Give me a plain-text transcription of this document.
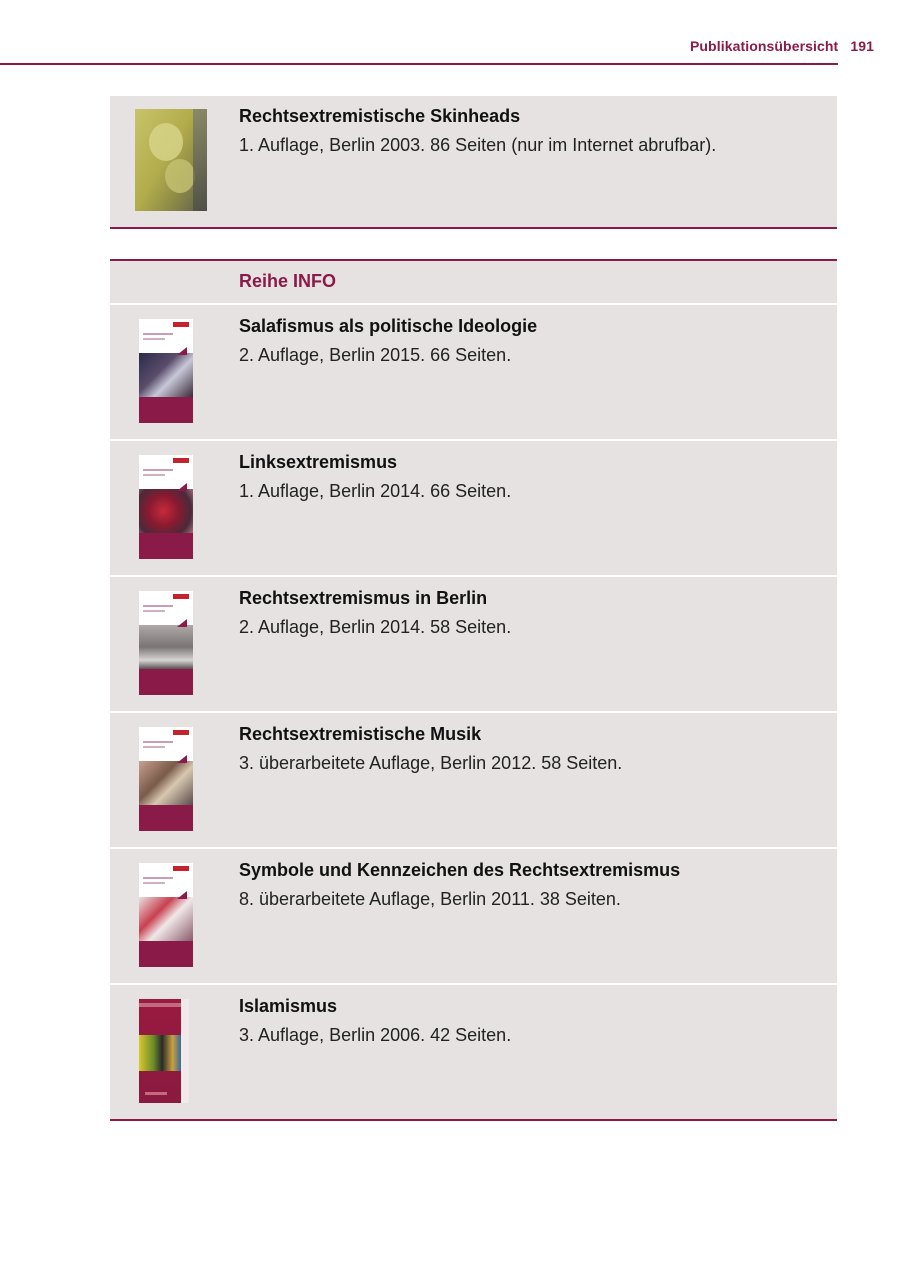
Publikationsübersicht 191
Rechtsextremistische Skinheads
1. Auflage, Berlin 2003. 86 Seiten (nur im Internet abrufbar).
Reihe INFO
Salafismus als politische Ideologie
2. Auflage, Berlin 2015. 66 Seiten.
Linksextremismus
1. Auflage, Berlin 2014. 66 Seiten.
Rechtsextremismus in Berlin
2. Auflage, Berlin 2014. 58 Seiten.
Rechtsextremistische Musik
3. überarbeitete Auflage, Berlin 2012. 58 Seiten.
Symbole und Kennzeichen des Rechtsextremismus
8. überarbeitete Auflage, Berlin 2011. 38 Seiten.
Islamismus
3. Auflage, Berlin 2006. 42 Seiten.
